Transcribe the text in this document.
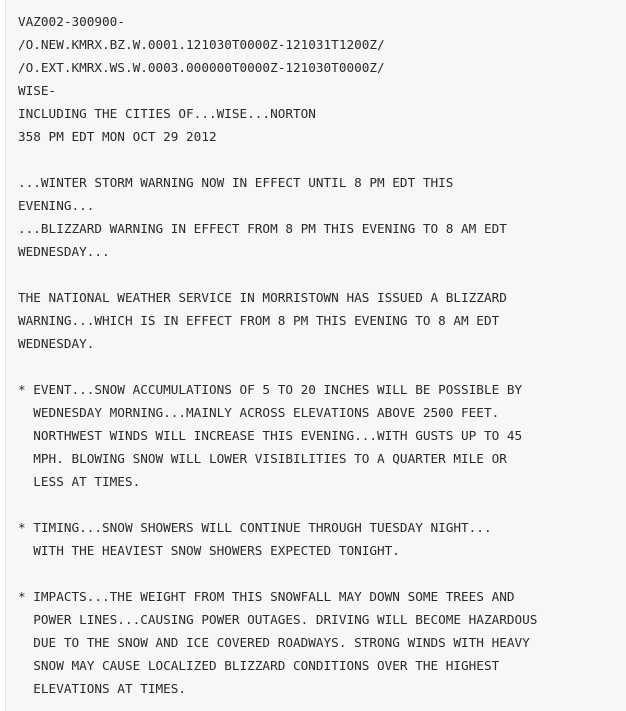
VAZ002-300900-
/O.NEW.KMRX.BZ.W.0001.121030T0000Z-121031T1200Z/
/O.EXT.KMRX.WS.W.0003.000000T0000Z-121030T0000Z/
WISE-
INCLUDING THE CITIES OF...WISE...NORTON
358 PM EDT MON OCT 29 2012
...WINTER STORM WARNING NOW IN EFFECT UNTIL 8 PM EDT THIS
EVENING...
...BLIZZARD WARNING IN EFFECT FROM 8 PM THIS EVENING TO 8 AM EDT
WEDNESDAY...
THE NATIONAL WEATHER SERVICE IN MORRISTOWN HAS ISSUED A BLIZZARD
WARNING...WHICH IS IN EFFECT FROM 8 PM THIS EVENING TO 8 AM EDT
WEDNESDAY.
* EVENT...SNOW ACCUMULATIONS OF 5 TO 20 INCHES WILL BE POSSIBLE BY
WEDNESDAY MORNING...MAINLY ACROSS ELEVATIONS ABOVE 2500 FEET.
NORTHWEST WINDS WILL INCREASE THIS EVENING...WITH GUSTS UP TO 45
MPH. BLOWING SNOW WILL LOWER VISIBILITIES TO A QUARTER MILE OR
LESS AT TIMES.
* TIMING...SNOW SHOWERS WILL CONTINUE THROUGH TUESDAY NIGHT...
WITH THE HEAVIEST SNOW SHOWERS EXPECTED TONIGHT.
* IMPACTS...THE WEIGHT FROM THIS SNOWFALL MAY DOWN SOME TREES AND
POWER LINES...CAUSING POWER OUTAGES. DRIVING WILL BECOME HAZARDOUS
DUE TO THE SNOW AND ICE COVERED ROADWAYS. STRONG WINDS WITH HEAVY
SNOW MAY CAUSE LOCALIZED BLIZZARD CONDITIONS OVER THE HIGHEST
ELEVATIONS AT TIMES.
